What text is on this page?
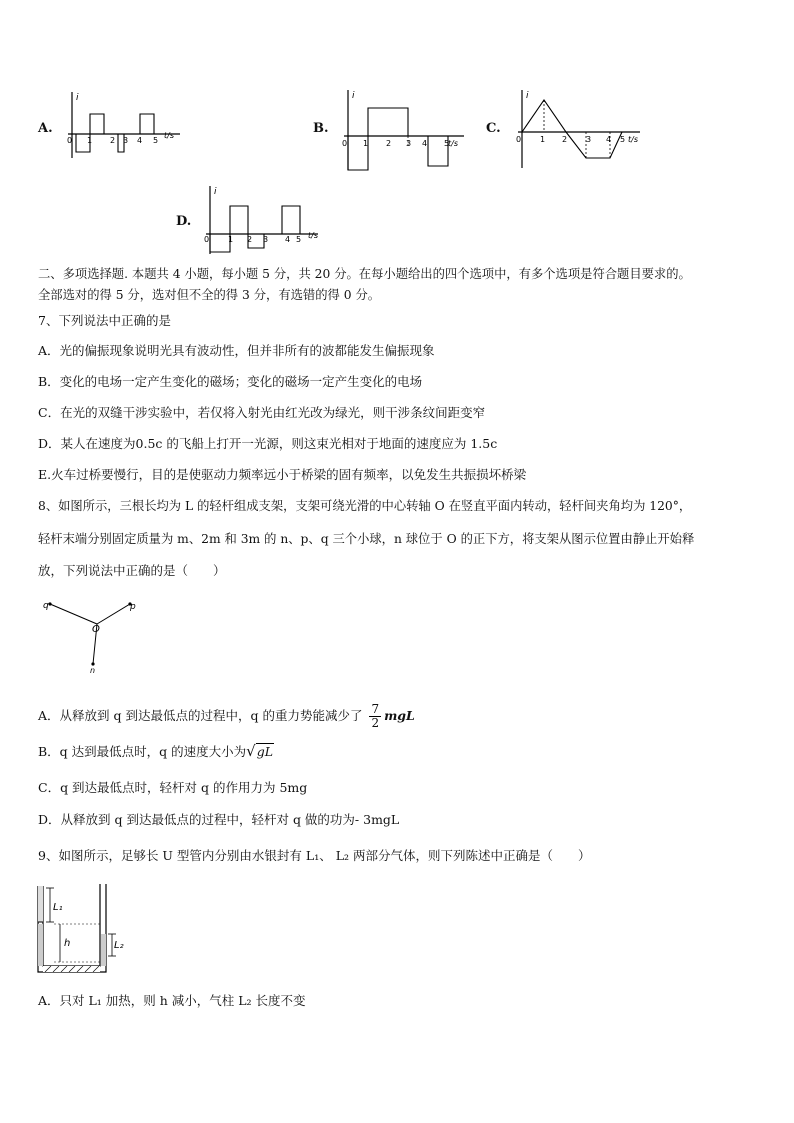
A.
i
t/s
0 1 2 3 4 5
B.
i
t/s
0 1 2 3 4 5
C.
i
t/s
0 1 2 3 4 5
D.
i
t/s
0 1 2 3 4 5
二、多项选择题. 本题共 4 小题，每小题 5 分，共 20 分。在每小题给出的四个选项中，有多个选项是符合题目要求的。
全部选对的得 5 分，选对但不全的得 3 分，有选错的得 0 分。
7、下列说法中正确的是
A．光的偏振现象说明光具有波动性，但并非所有的波都能发生偏振现象
B．变化的电场一定产生变化的磁场；变化的磁场一定产生变化的电场
C．在光的双缝干涉实验中，若仅将入射光由红光改为绿光，则干涉条纹间距变窄
D．某人在速度为0.5c 的飞船上打开一光源，则这束光相对于地面的速度应为 1.5c
E.火车过桥要慢行，目的是使驱动力频率远小于桥梁的固有频率，以免发生共振损坏桥梁
8、如图所示，三根长均为 L 的轻杆组成支架，支架可绕光滑的中心转轴 O 在竖直平面内转动，轻杆间夹角均为 120°，
轻杆末端分别固定质量为 m、2m 和 3m 的 n、p、q 三个小球，n 球位于 O 的正下方，将支架从图示位置由静止开始释
放，下列说法中正确的是（　　）
q	p
O
n
A．从释放到 q 到达最低点的过程中，q 的重力势能减少了 $\frac{7}{2}$ mgL
B．q 达到最低点时，q 的速度大小为√gL
C．q 到达最低点时，轻杆对 q 的作用力为 5mg
D．从释放到 q 到达最低点的过程中，轻杆对 q 做的功为- 3mgL
9、如图所示，足够长 U 型管内分别由水银封有 L₁、 L₂ 两部分气体，则下列陈述中正确是（　　）
L₁
h	L₂
A．只对 L₁ 加热，则 h 减小，气柱 L₂ 长度不变
